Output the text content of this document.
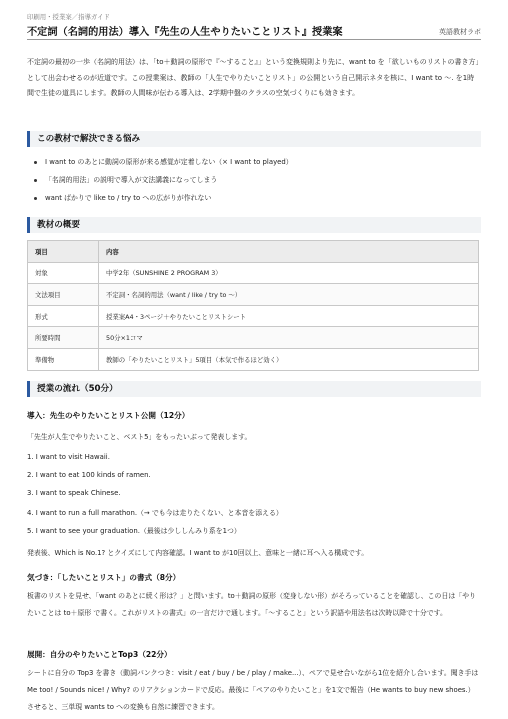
印刷用・授業案／指導ガイド
不定詞（名詞的用法）導入『先生の人生やりたいことリスト』授業案	英語教材ラボ
不定詞の最初の一歩（名詞的用法）は、「to＋動詞の原形で『〜すること』」という変換規則より先に、want to を「欲しいものリストの書き方」として出会わせるのが近道です。この授業案は、教師の「人生でやりたいことリスト」の公開という自己開示ネタを核に、I want to 〜. を1時間で生徒の道具にします。教師の人間味が伝わる導入は、2学期中盤のクラスの空気づくりにも効きます。
この教材で解決できる悩み
I want to のあとに動詞の原形が来る感覚が定着しない（× I want to played）
「名詞的用法」の説明で導入が文法講義になってしまう
want ばかりで like to / try to への広がりが作れない
教材の概要
項目	内容
対象	中学2年（SUNSHINE 2 PROGRAM 3）
文法項目	不定詞・名詞的用法（want / like / try to 〜）
形式	授業案A4・3ページ＋やりたいことリストシート
所要時間	50分×1コマ
準備物	教師の「やりたいことリスト」5項目（本気で作るほど効く）
授業の流れ（50分）
導入：先生のやりたいことリスト公開（12分）
「先生が人生でやりたいこと、ベスト5」をもったいぶって発表します。
1. I want to visit Hawaii.
2. I want to eat 100 kinds of ramen.
3. I want to speak Chinese.
4. I want to run a full marathon.（→ でも今は走りたくない、と本音を添える）
5. I want to see your graduation.（最後は少ししんみり系を1つ）
発表後、Which is No.1? とクイズにして内容確認。I want to が10回以上、意味と一緒に耳へ入る構成です。
気づき：「したいことリスト」の書式（8分）
板書のリストを見せ、「want のあとに続く形は？」と問います。to＋動詞の原形（変身しない形）がそろっていることを確認し、この日は「やりたいことは to＋原形 で書く。これがリストの書式」の一言だけで通します。「〜すること」という訳語や用法名は次時以降で十分です。
展開：自分のやりたいことTop3（22分）
シートに自分の Top3 を書き（動詞バンクつき：visit / eat / buy / be / play / make...）、ペアで見せ合いながら1位を紹介し合います。聞き手は Me too! / Sounds nice! / Why? のリアクションカードで反応。最後に「ペアのやりたいこと」を1文で報告（He wants to buy new shoes.）させると、三単現 wants to への変換も自然に練習できます。
